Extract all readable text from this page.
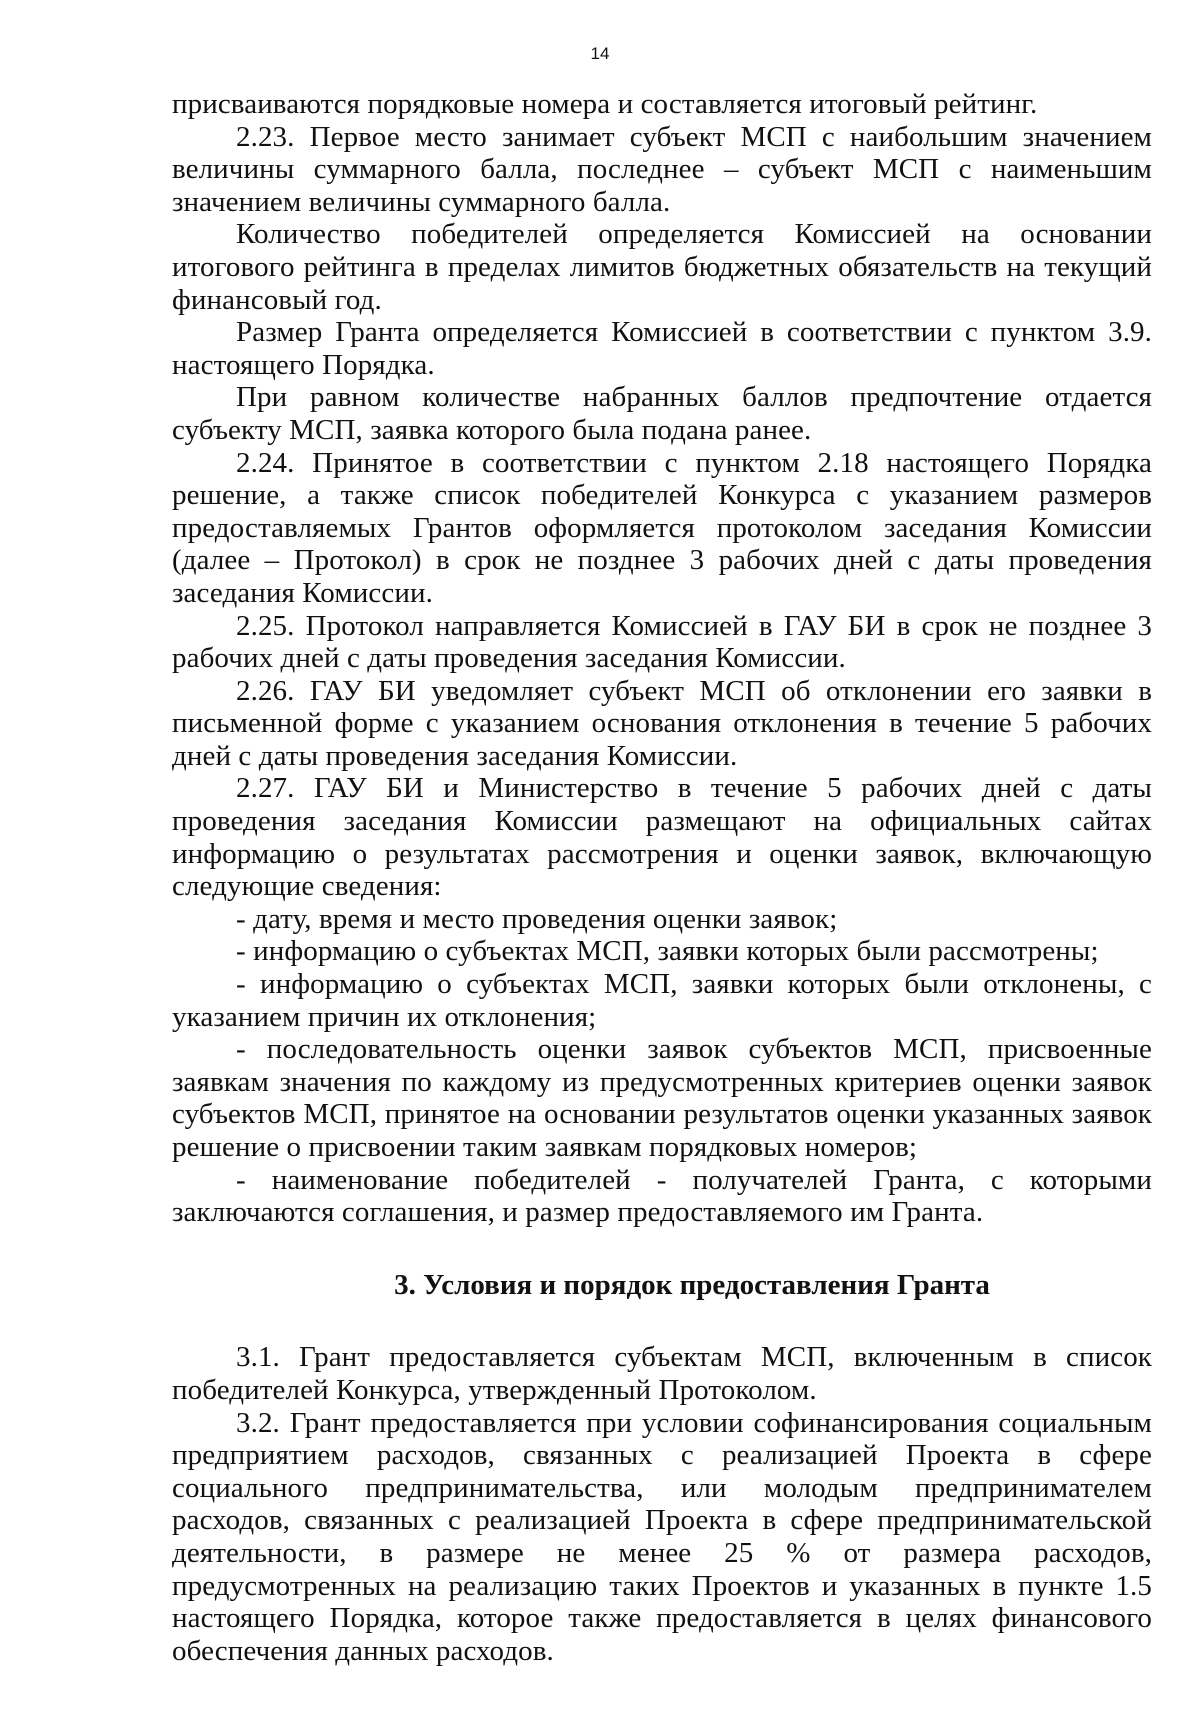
14

присваиваются порядковые номера и составляется итоговый рейтинг.

2.23. Первое место занимает субъект МСП с наибольшим значением величины суммарного балла, последнее – субъект МСП с наименьшим значением величины суммарного балла.

Количество победителей определяется Комиссией на основании итогового рейтинга в пределах лимитов бюджетных обязательств на текущий финансовый год.

Размер Гранта определяется Комиссией в соответствии с пунктом 3.9. настоящего Порядка.

При равном количестве набранных баллов предпочтение отдается субъекту МСП, заявка которого была подана ранее.

2.24. Принятое в соответствии с пунктом 2.18 настоящего Порядка решение, а также список победителей Конкурса с указанием размеров предоставляемых Грантов оформляется протоколом заседания Комиссии (далее – Протокол) в срок не позднее 3 рабочих дней с даты проведения заседания Комиссии.

2.25. Протокол направляется Комиссией в ГАУ БИ в срок не позднее 3 рабочих дней с даты проведения заседания Комиссии.

2.26. ГАУ БИ уведомляет субъект МСП об отклонении его заявки в письменной форме с указанием основания отклонения в течение 5 рабочих дней с даты проведения заседания Комиссии.

2.27. ГАУ БИ и Министерство в течение 5 рабочих дней с даты проведения заседания Комиссии размещают на официальных сайтах информацию о результатах рассмотрения и оценки заявок, включающую следующие сведения:

- дату, время и место проведения оценки заявок;

- информацию о субъектах МСП, заявки которых были рассмотрены;

- информацию о субъектах МСП, заявки которых были отклонены, с указанием причин их отклонения;

- последовательность оценки заявок субъектов МСП, присвоенные заявкам значения по каждому из предусмотренных критериев оценки заявок субъектов МСП, принятое на основании результатов оценки указанных заявок решение о присвоении таким заявкам порядковых номеров;

- наименование победителей - получателей Гранта, с которыми заключаются соглашения, и размер предоставляемого им Гранта.

3. Условия и порядок предоставления Гранта

3.1. Грант предоставляется субъектам МСП, включенным в список победителей Конкурса, утвержденный Протоколом.

3.2. Грант предоставляется при условии софинансирования социальным предприятием расходов, связанных с реализацией Проекта в сфере социального предпринимательства, или молодым предпринимателем расходов, связанных с реализацией Проекта в сфере предпринимательской деятельности, в размере не менее 25 % от размера расходов, предусмотренных на реализацию таких Проектов и указанных в пункте 1.5 настоящего Порядка, которое также предоставляется в целях финансового обеспечения данных расходов.
